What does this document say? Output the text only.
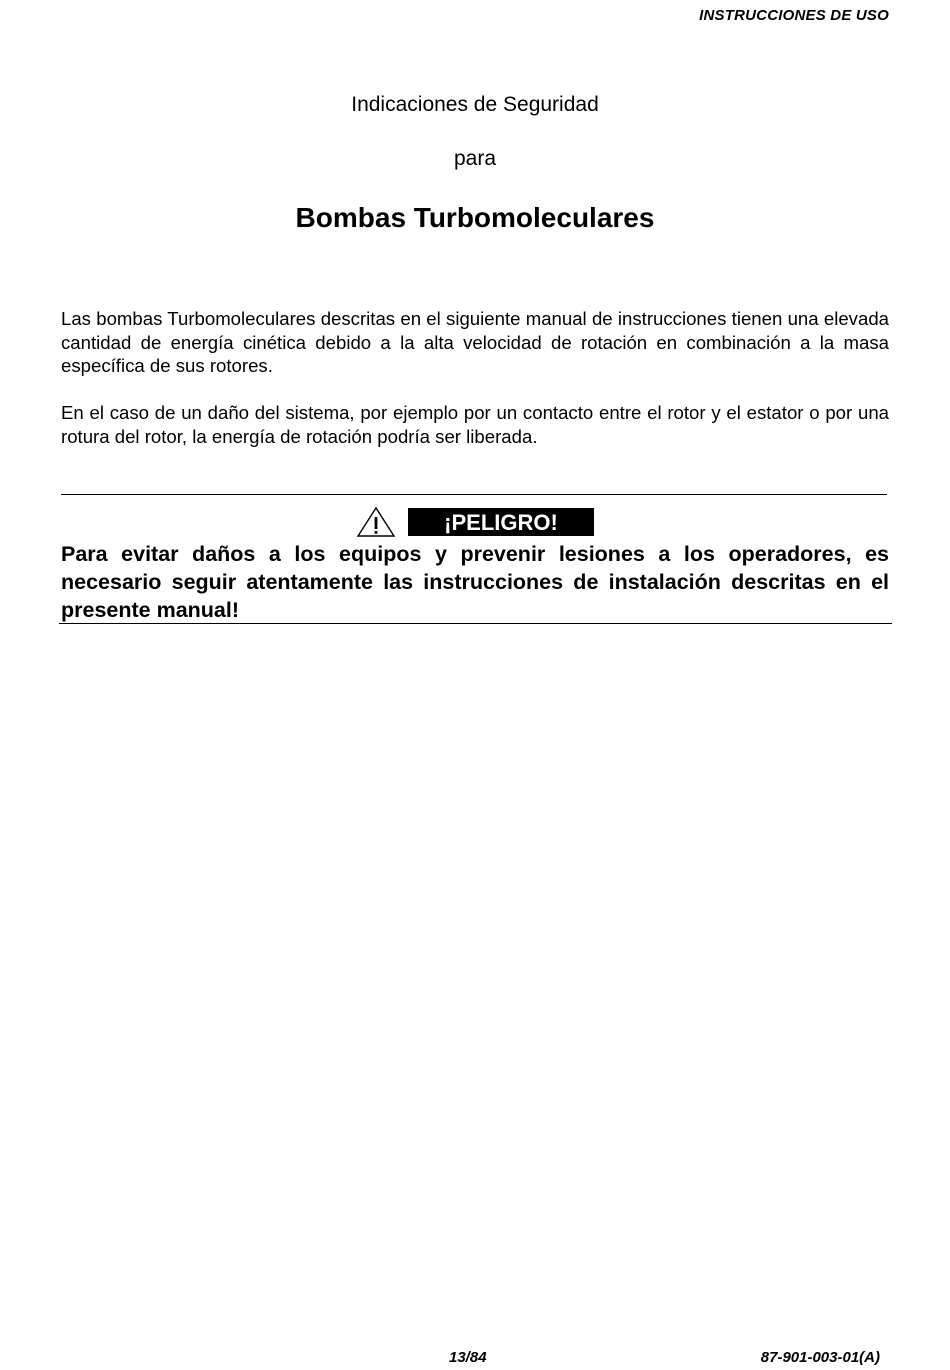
INSTRUCCIONES DE USO
Indicaciones de Seguridad
para
Bombas Turbomoleculares

Las bombas Turbomoleculares descritas en el siguiente manual de instrucciones tienen una elevada cantidad de energía cinética debido a la alta velocidad de rotación en combinación a la masa específica de sus rotores.

En el caso de un daño del sistema, por ejemplo por un contacto entre el rotor y el estator o por una rotura del rotor, la energía de rotación podría ser liberada.

¡PELIGRO!
Para evitar daños a los equipos y prevenir lesiones a los operadores, es necesario seguir atentamente las instrucciones de instalación descritas en el presente manual!
13/84	87-901-003-01(A)
